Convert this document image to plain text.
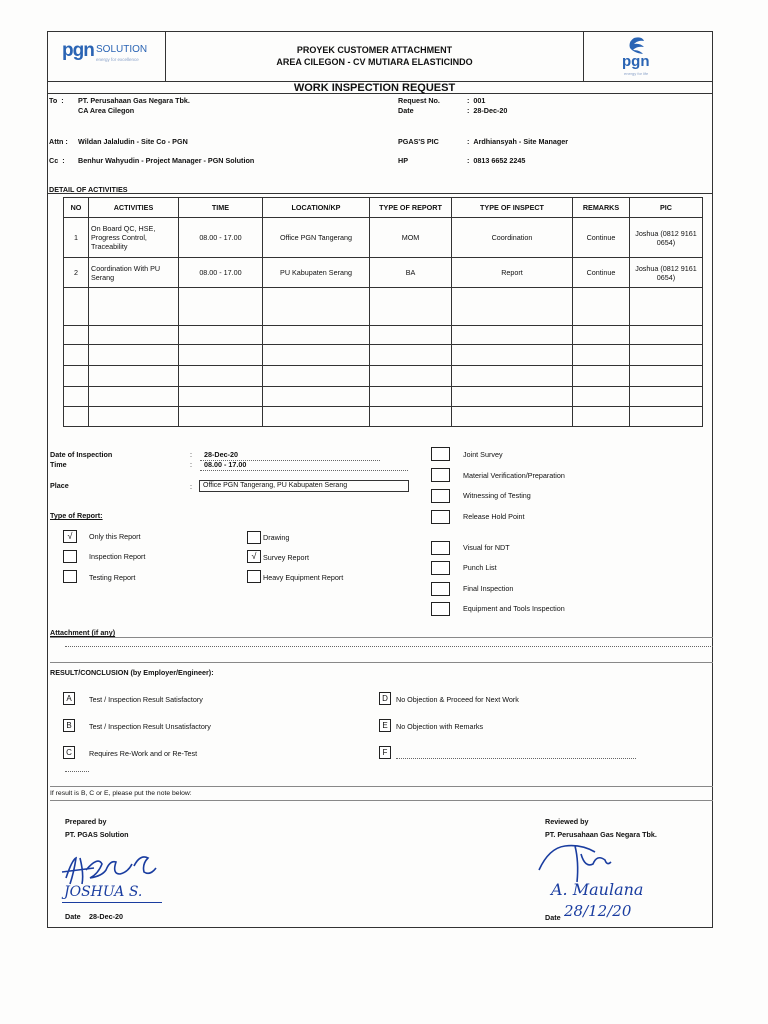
pgn SOLUTION
energy for excellence
PROYEK CUSTOMER ATTACHMENT
AREA CILEGON - CV MUTIARA ELASTICINDO	pgn
energy for life
WORK INSPECTION REQUEST
To  : PT. Perusahaan Gas Negara Tbk.
CA Area Cilegon
Attn : Wildan Jalaludin - Site Co - PGN
Cc  : Benhur Wahyudin - Project Manager - PGN Solution
Request No.	:  001
Date	:  28-Dec-20
PGAS'S PIC	:  Ardhiansyah - Site Manager
HP	:  0813 6652 2245
DETAIL OF ACTIVITIES
NO	ACTIVITIES	TIME	LOCATION/KP	TYPE OF REPORT	TYPE OF INSPECT	REMARKS	PIC
1	On Board QC, HSE, Progress Control, Traceability	08.00 - 17.00	Office PGN Tangerang	MOM	Coordination	Continue	Joshua (0812 9161 0654)
2	Coordination With PU Serang	08.00 - 17.00	PU Kabupaten Serang	BA	Report	Continue	Joshua (0812 9161 0654)

Date of Inspection	: 28-Dec-20
Time	: 08.00 - 17.00
Place	:	Office PGN Tangerang, PU Kabupaten Serang
Joint Survey
Material Verification/Preparation
Witnessing of Testing
Release Hold Point
Visual for NDT
Punch List
Final Inspection
Equipment and Tools Inspection
Type of Report:
√	Only this Report
Inspection Report
Testing Report
Drawing
√ Survey Report
Heavy Equipment Report
Attachment (if any)
RESULT/CONCLUSION (by Employer/Engineer):
A	Test / Inspection Result Satisfactory
B	Test / Inspection Result Unsatisfactory
C	Requires Re-Work and or Re-Test
D	No Objection & Proceed for Next Work
E	No Objection with Remarks
F
If result is B, C or E, please put the note below:
Prepared by
PT. PGAS Solution
JOSHUA S.
Date 28-Dec-20
Reviewed by
PT. Perusahaan Gas Negara Tbk.
A. Maulana
Date 28/12/20
